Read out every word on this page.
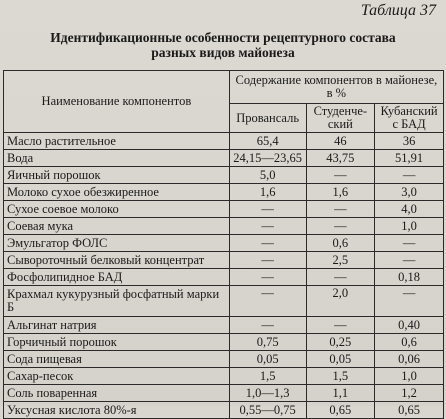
Таблица 37
Идентификационные особенности рецептурного состава
разных видов майонеза
Наименование компонентов	Содержание компонентов в майонезе, в %		
	Провансаль	Студенче-ский	Кубанский с БАД
Масло растительное	65,4	46	36
Вода	24,15—23,65	43,75	51,91
Яичный порошок	5,0	—	—
Молоко сухое обезжиренное	1,6	1,6	3,0
Сухое соевое молоко	—	—	4,0
Соевая мука	—	—	1,0
Эмульгатор ФОЛС	—	0,6	—
Сывороточный белковый концентрат	—	2,5	—
Фосфолипидное БАД	—	—	0,18
Крахмал кукурузный фосфатный марки Б	—	2,0	—
Альгинат натрия	—	—	0,40
Горчичный порошок	0,75	0,25	0,6
Сода пищевая	0,05	0,05	0,06
Сахар-песок	1,5	1,5	1,0
Соль поваренная	1,0—1,3	1,1	1,2
Уксусная кислота 80%-я	0,55—0,75	0,65	0,65
